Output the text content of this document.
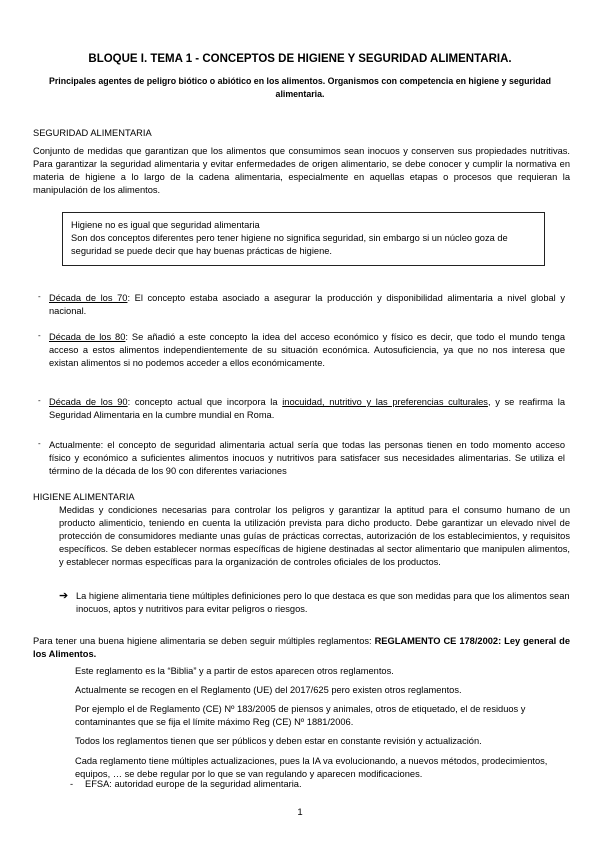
BLOQUE I. TEMA 1 - CONCEPTOS DE HIGIENE Y SEGURIDAD ALIMENTARIA.
Principales agentes de peligro biótico o abiótico en los alimentos. Organismos con competencia en higiene y seguridad alimentaria.
SEGURIDAD ALIMENTARIA
Conjunto de medidas que garantizan que los alimentos que consumimos sean inocuos y conserven sus propiedades nutritivas. Para garantizar la seguridad alimentaria y evitar enfermedades de origen alimentario, se debe conocer y cumplir la normativa en materia de higiene a lo largo de la cadena alimentaria, especialmente en aquellas etapas o procesos que requieran la manipulación de los alimentos.

Higiene no es igual que seguridad alimentaria

Son dos conceptos diferentes pero tener higiene no significa seguridad, sin embargo si un núcleo goza de seguridad se puede decir que hay buenas prácticas de higiene.

- Década de los 70: El concepto estaba asociado a asegurar la producción y disponibilidad alimentaria a nivel global y nacional.
- Década de los 80: Se añadió a este concepto la idea del acceso económico y físico es decir, que todo el mundo tenga acceso a estos alimentos independientemente de su situación económica. Autosuficiencia, ya que no nos interesa que existan alimentos si no podemos acceder a ellos económicamente.
- Década de los 90: concepto actual que incorpora la inocuidad, nutritivo y las preferencias culturales, y se reafirma la Seguridad Alimentaria en la cumbre mundial en Roma.
- Actualmente: el concepto de seguridad alimentaria actual sería que todas las personas tienen en todo momento acceso físico y económico a suficientes alimentos inocuos y nutritivos para satisfacer sus necesidades alimentarias. Se utiliza el término de la década de los 90 con diferentes variaciones
HIGIENE ALIMENTARIA
Medidas y condiciones necesarias para controlar los peligros y garantizar la aptitud para el consumo humano de un producto alimenticio, teniendo en cuenta la utilización prevista para dicho producto. Debe garantizar un elevado nivel de protección de consumidores mediante unas guías de prácticas correctas, autorización de los establecimientos, y requisitos específicos. Se deben establecer normas específicas de higiene destinadas al sector alimentario que manipulen alimentos, y establecer normas específicas para la organización de controles oficiales de los productos.
➔ La higiene alimentaria tiene múltiples definiciones pero lo que destaca es que son medidas para que los alimentos sean inocuos, aptos y nutritivos para evitar peligros o riesgos.
Para tener una buena higiene alimentaria se deben seguir múltiples reglamentos: REGLAMENTO CE 178/2002: Ley general de los Alimentos.
Este reglamento es la “Biblia” y a partir de estos aparecen otros reglamentos.
Actualmente se recogen en el Reglamento (UE) del 2017/625 pero existen otros reglamentos.
Por ejemplo el de Reglamento (CE) Nº 183/2005 de piensos y animales, otros de etiquetado, el de residuos y contaminantes que se fija el límite máximo Reg (CE) Nº 1881/2006.
Todos los reglamentos tienen que ser públicos y deben estar en constante revisión y actualización.
Cada reglamento tiene múltiples actualizaciones, pues la IA va evolucionando, a nuevos métodos, prodecimientos, equipos, … se debe regular por lo que se van regulando y aparecen modificaciones.
- EFSA: autoridad europe de la seguridad alimentaria.
1
